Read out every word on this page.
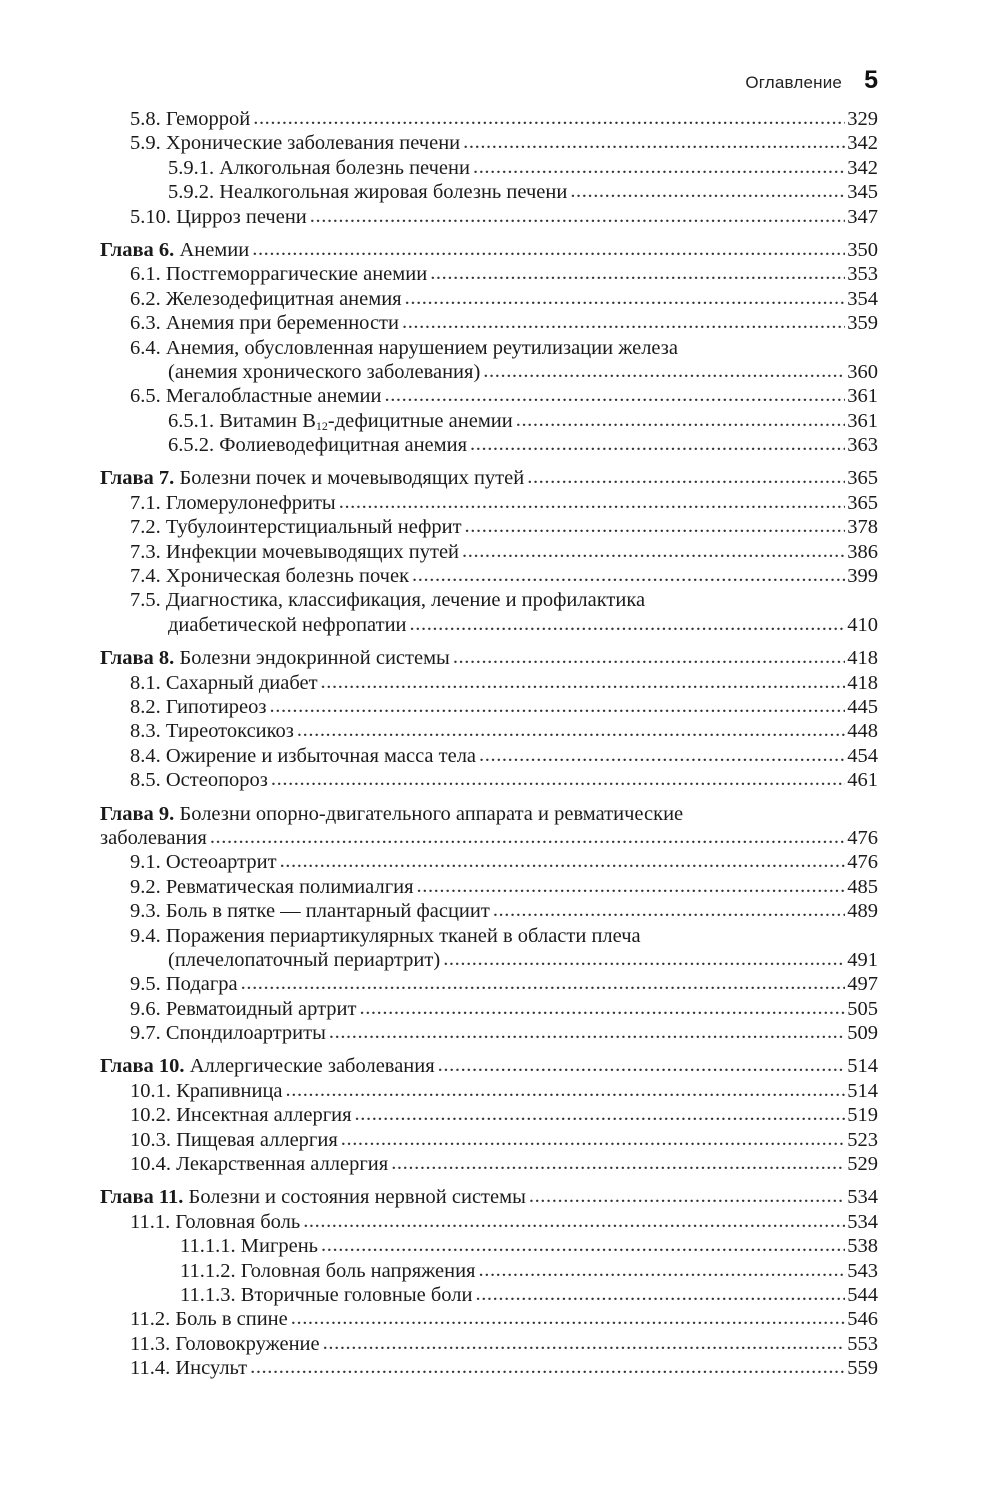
Оглавление 5
5.8. Геморрой .....	329
5.9. Хронические заболевания печени .....	342
5.9.1. Алкогольная болезнь печени .....	342
5.9.2. Неалкогольная жировая болезнь печени .....	345
5.10. Цирроз печени .....	347
Глава 6. Анемии .....	350
6.1. Постгеморрагические анемии .....	353
6.2. Железодефицитная анемия .....	354
6.3. Анемия при беременности .....	359
6.4. Анемия, обусловленная нарушением реутилизации железа
(анемия хронического заболевания) .....	360
6.5. Мегалобластные анемии .....	361
6.5.1. Витамин $B_{12}$-дефицитные анемии .....	361
6.5.2. Фолиеводефицитная анемия .....	363
Глава 7. Болезни почек и мочевыводящих путей .....	365
7.1. Гломерулонефриты .....	365
7.2. Тубулоинтерстициальный нефрит .....	378
7.3. Инфекции мочевыводящих путей .....	386
7.4. Хроническая болезнь почек .....	399
7.5. Диагностика, классификация, лечение и профилактика
диабетической нефропатии .....	410
Глава 8. Болезни эндокринной системы .....	418
8.1. Сахарный диабет .....	418
8.2. Гипотиреоз .....	445
8.3. Тиреотоксикоз .....	448
8.4. Ожирение и избыточная масса тела .....	454
8.5. Остеопороз .....	461
Глава 9. Болезни опорно-двигательного аппарата и ревматические
заболевания .....	476
9.1. Остеоартрит .....	476
9.2. Ревматическая полимиалгия .....	485
9.3. Боль в пятке — плантарный фасциит .....	489
9.4. Поражения периартикулярных тканей в области плеча
(плечелопаточный периартрит) .....	491
9.5. Подагра .....	497
9.6. Ревматоидный артрит .....	505
9.7. Спондилоартриты .....	509
Глава 10. Аллергические заболевания .....	514
10.1. Крапивница .....	514
10.2. Инсектная аллергия .....	519
10.3. Пищевая аллергия .....	523
10.4. Лекарственная аллергия .....	529
Глава 11. Болезни и состояния нервной системы .....	534
11.1. Головная боль .....	534
11.1.1. Мигрень .....	538
11.1.2. Головная боль напряжения .....	543
11.1.3. Вторичные головные боли .....	544
11.2. Боль в спине .....	546
11.3. Головокружение .....	553
11.4. Инсульт .....	559
